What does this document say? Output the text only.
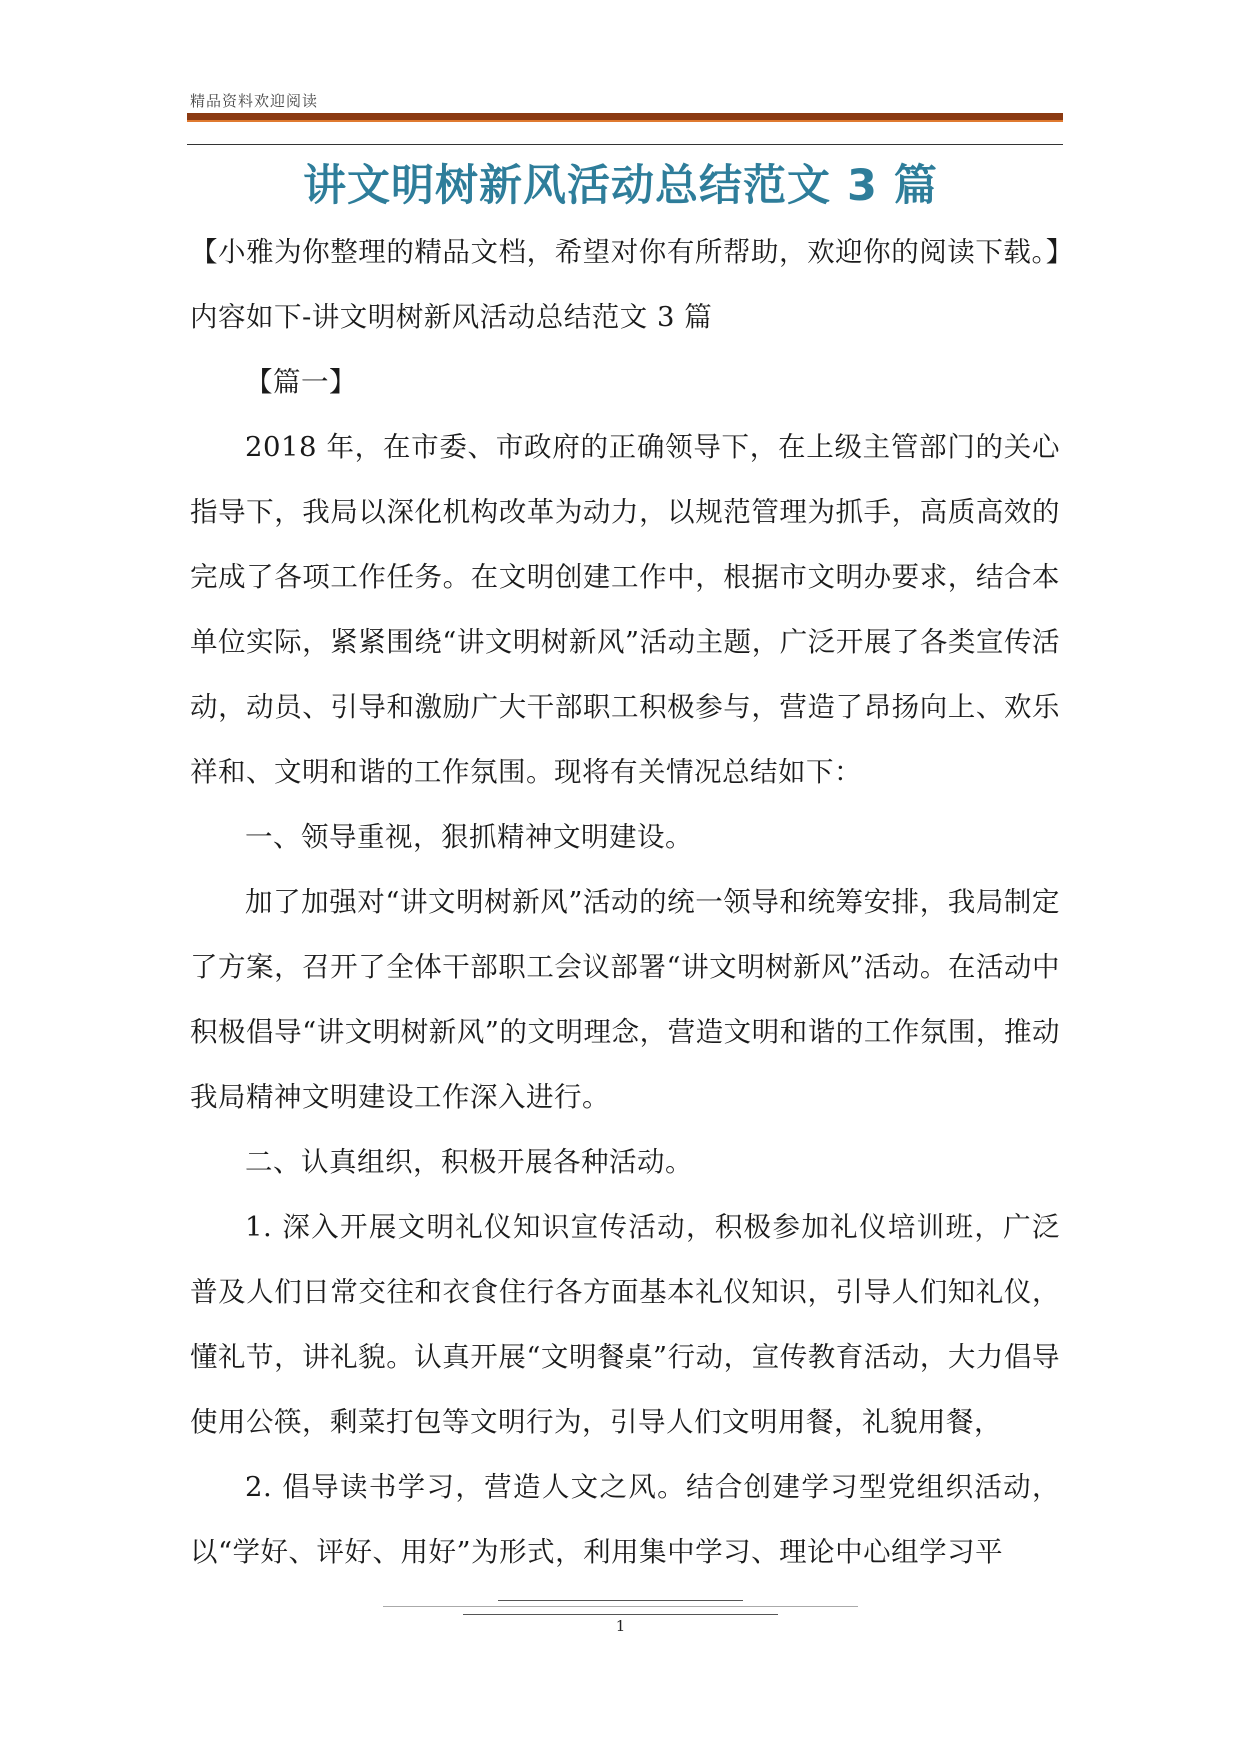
精品资料欢迎阅读
讲文明树新风活动总结范文 3 篇

【小雅为你整理的精品文档，希望对你有所帮助，欢迎你的阅读下载。】内容如下-讲文明树新风活动总结范文 3 篇

【篇一】

2018 年，在市委、市政府的正确领导下，在上级主管部门的关心指导下，我局以深化机构改革为动力，以规范管理为抓手，高质高效的完成了各项工作任务。在文明创建工作中，根据市文明办要求，结合本单位实际，紧紧围绕“讲文明树新风”活动主题，广泛开展了各类宣传活动，动员、引导和激励广大干部职工积极参与，营造了昂扬向上、欢乐祥和、文明和谐的工作氛围。现将有关情况总结如下：

一、领导重视，狠抓精神文明建设。

加了加强对“讲文明树新风”活动的统一领导和统筹安排，我局制定了方案，召开了全体干部职工会议部署“讲文明树新风”活动。在活动中积极倡导“讲文明树新风”的文明理念，营造文明和谐的工作氛围，推动我局精神文明建设工作深入进行。

二、认真组织，积极开展各种活动。

1. 深入开展文明礼仪知识宣传活动，积极参加礼仪培训班，广泛普及人们日常交往和衣食住行各方面基本礼仪知识，引导人们知礼仪，懂礼节，讲礼貌。认真开展“文明餐桌”行动，宣传教育活动，大力倡导使用公筷，剩菜打包等文明行为，引导人们文明用餐，礼貌用餐，

2. 倡导读书学习，营造人文之风。结合创建学习型党组织活动，以“学好、评好、用好”为形式，利用集中学习、理论中心组学习平

1
